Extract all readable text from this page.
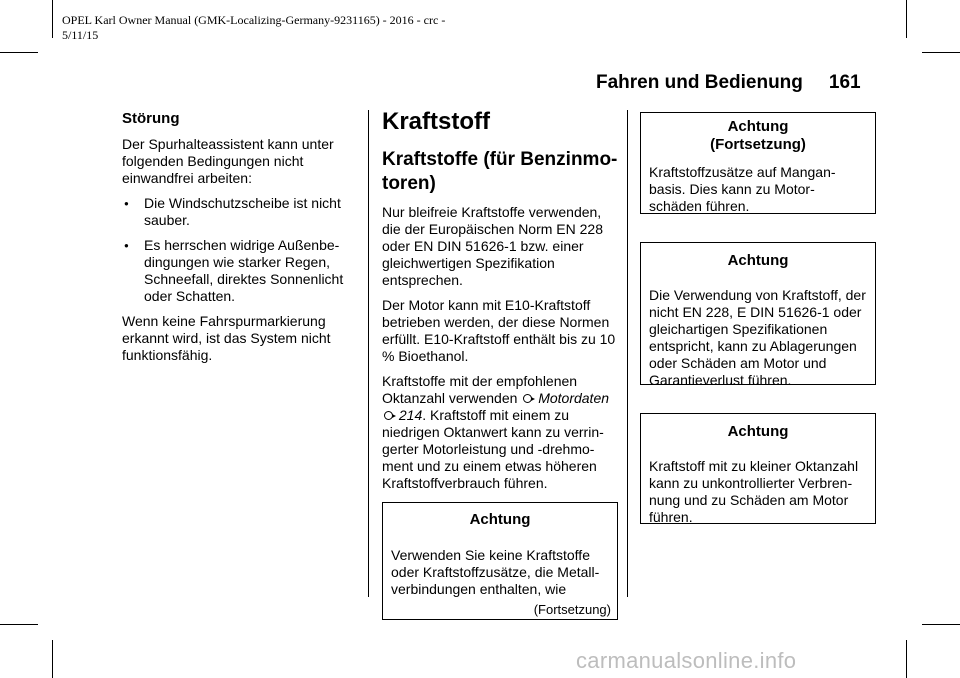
OPEL Karl Owner Manual (GMK-Localizing-Germany-9231165) - 2016 - crc -
5/11/15
Fahren und Bedienung 161
Störung

Der Spurhalteassistent kann unter folgenden Bedingungen nicht einwandfrei arbeiten:

● Die Windschutzscheibe ist nicht sauber.
● Es herrschen widrige Außenbe-dingungen wie starker Regen, Schneefall, direktes Sonnenlicht oder Schatten.

Wenn keine Fahrspurmarkierung erkannt wird, ist das System nicht funktionsfähig.

Kraftstoff
Kraftstoffe (für Benzinmo-toren)

Nur bleifreie Kraftstoffe verwenden, die der Europäischen Norm EN 228 oder EN DIN 51626-1 bzw. einer gleichwertigen Spezifikation entsprechen.

Der Motor kann mit E10-Kraftstoff betrieben werden, der diese Normen erfüllt. E10-Kraftstoff enthält bis zu 10 % Bioethanol.

Kraftstoffe mit der empfohlenen Oktanzahl verwenden Motordaten  214. Kraftstoff mit einem zu niedrigen Oktanwert kann zu verrin-gerter Motorleistung und -drehmo-ment und zu einem etwas höheren Kraftstoffverbrauch führen.

Achtung
Verwenden Sie keine Kraftstoffe oder Kraftstoffzusätze, die Metall-verbindungen enthalten, wie
(Fortsetzung)
Achtung
(Fortsetzung)
Kraftstoffzusätze auf Mangan-basis. Dies kann zu Motor-schäden führen.
Achtung
Die Verwendung von Kraftstoff, der nicht EN 228, E DIN 51626-1 oder gleichartigen Spezifikationen entspricht, kann zu Ablagerungen oder Schäden am Motor und Garantieverlust führen.
Achtung
Kraftstoff mit zu kleiner Oktanzahl kann zu unkontrollierter Verbren-nung und zu Schäden am Motor führen.
carmanualsonline.info
